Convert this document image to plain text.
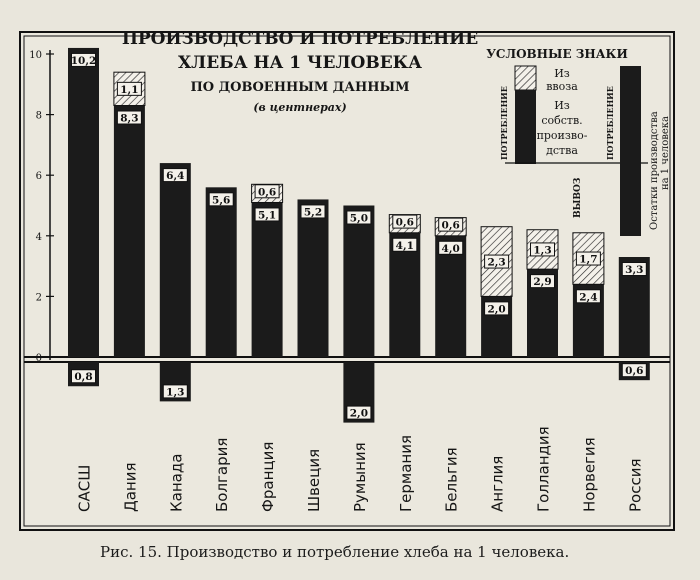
ПРОИЗВОДСТВО И ПОТРЕБЛЕНИЕ
ХЛЕБА НА 1 ЧЕЛОВЕКА
ПО ДОВОЕННЫМ ДАННЫМ
(в центнерах)
10
8
6
4
2
0
10,2
0,8
1,1
8,3
6,4
1,3
5,6
0,6
5,1	5,2
5,0
2,0
0,6
4,1
0,6
4,0
2,3
2,0
1,3
2,9
1,7
2,4
3,3
0,6
САСШ Дания Канада Болгария Франция Швеция Румыния Германия Бельгия Англия Голландия Норвегия Россия
УСЛОВНЫЕ ЗНАКИ
ПОТРЕБЛЕНИЕ
Из
ввоза
Из
собств.
произво-
дства
ВЫВОЗ	Остатки производства на 1 человека
ПОТРЕБЛЕНИЕ
Рис. 15. Производство и потребление хлеба на 1 человека.
